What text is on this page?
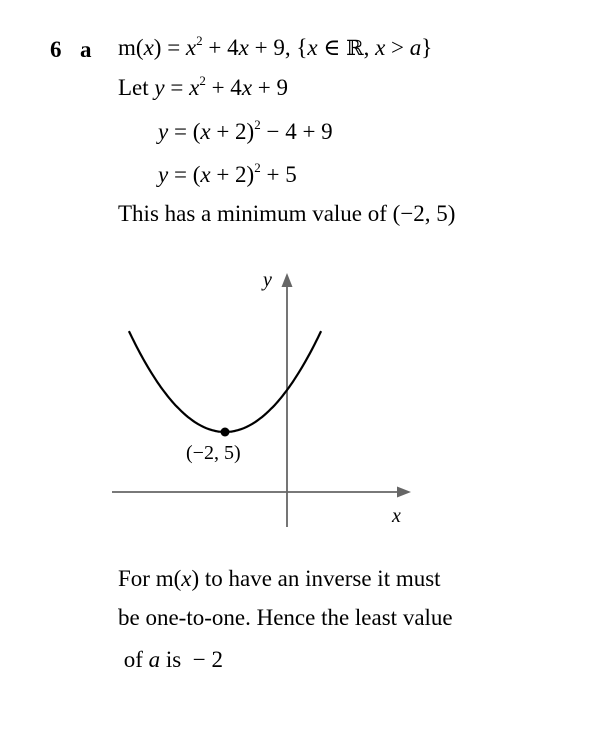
6 a $m(x) = x^2 + 4x + 9$, {x ∈ ℝ, x > a}
Let $y = x^2 + 4x + 9$
$y = (x + 2)^2 - 4 + 9$
$y = (x + 2)^2 + 5$
This has a minimum value of (−2, 5)
y
x
(−2, 5)
For m(x) to have an inverse it must
be one-to-one. Hence the least value
of a is  − 2
